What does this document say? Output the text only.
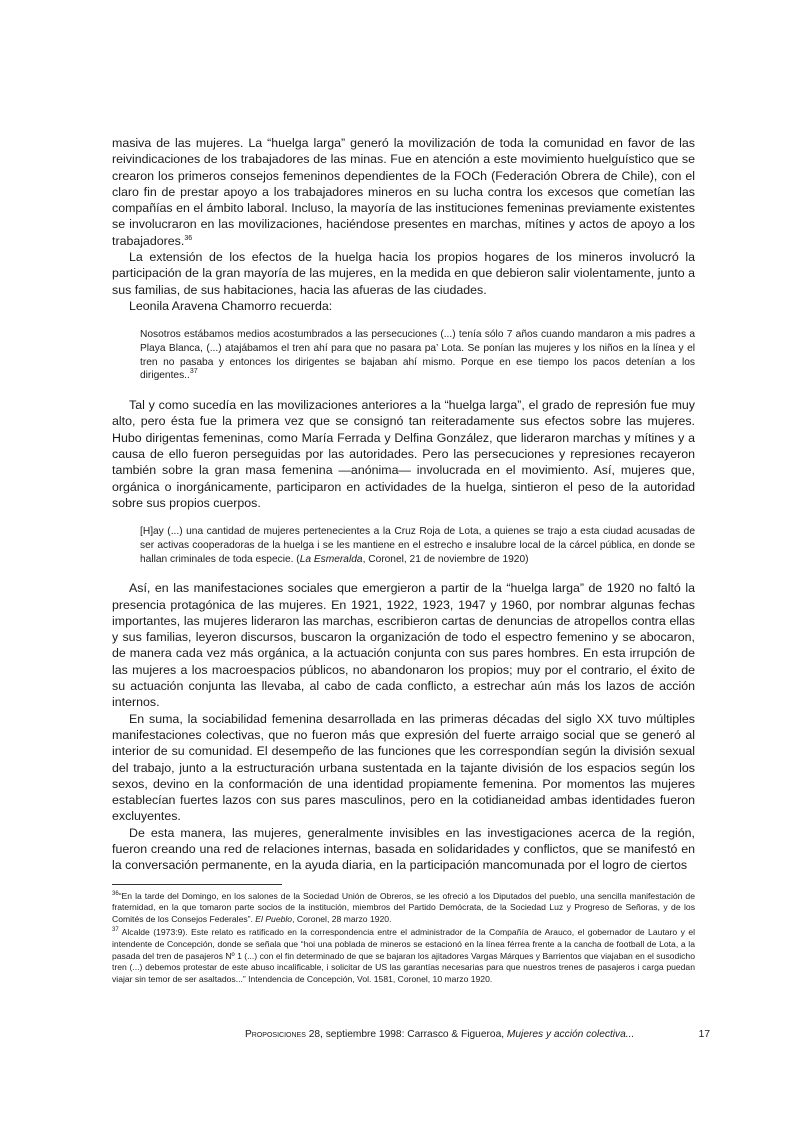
masiva de las mujeres. La “huelga larga” generó la movilización de toda la comunidad en favor de las reivindicaciones de los trabajadores de las minas. Fue en atención a este movimiento huelguístico que se crearon los primeros consejos femeninos dependientes de la FOCh (Federación Obrera de Chile), con el claro fin de prestar apoyo a los trabajadores mineros en su lucha contra los excesos que cometían las compañías en el ámbito laboral. Incluso, la mayoría de las instituciones femeninas previamente existentes se involucraron en las movilizaciones, haciéndose presentes en marchas, mítines y actos de apoyo a los trabajadores.$^{36}$

La extensión de los efectos de la huelga hacia los propios hogares de los mineros involucró la participación de la gran mayoría de las mujeres, en la medida en que debieron salir violentamente, junto a sus familias, de sus habitaciones, hacia las afueras de las ciudades.

Leonila Aravena Chamorro recuerda:

Nosotros estábamos medios acostumbrados a las persecuciones (...) tenía sólo 7 años cuando mandaron a mis padres a Playa Blanca, (...) atajábamos el tren ahí para que no pasara pa’ Lota. Se ponían las mujeres y los niños en la línea y el tren no pasaba y entonces los dirigentes se bajaban ahí mismo. Porque en ese tiempo los pacos detenían a los dirigentes..$^{37}$

Tal y como sucedía en las movilizaciones anteriores a la “huelga larga”, el grado de represión fue muy alto, pero ésta fue la primera vez que se consignó tan reiteradamente sus efectos sobre las mujeres. Hubo dirigentas femeninas, como María Ferrada y Delfina González, que lideraron marchas y mítines y a causa de ello fueron perseguidas por las autoridades. Pero las persecuciones y represiones recayeron también sobre la gran masa femenina —anónima— involucrada en el movimiento. Así, mujeres que, orgánica o inorgánicamente, participaron en actividades de la huelga, sintieron el peso de la autoridad sobre sus propios cuerpos.

[H]ay (...) una cantidad de mujeres pertenecientes a la Cruz Roja de Lota, a quienes se trajo a esta ciudad acusadas de ser activas cooperadoras de la huelga i se les mantiene en el estrecho e insalubre local de la cárcel pública, en donde se hallan criminales de toda especie. (La Esmeralda, Coronel, 21 de noviembre de 1920)

Así, en las manifestaciones sociales que emergieron a partir de la “huelga larga” de 1920 no faltó la presencia protagónica de las mujeres. En 1921, 1922, 1923, 1947 y 1960, por nombrar algunas fechas importantes, las mujeres lideraron las marchas, escribieron cartas de denuncias de atropellos contra ellas y sus familias, leyeron discursos, buscaron la organización de todo el espectro femenino y se abocaron, de manera cada vez más orgánica, a la actuación conjunta con sus pares hombres. En esta irrupción de las mujeres a los macroespacios públicos, no abandonaron los propios; muy por el contrario, el éxito de su actuación conjunta las llevaba, al cabo de cada conflicto, a estrechar aún más los lazos de acción internos.

En suma, la sociabilidad femenina desarrollada en las primeras décadas del siglo XX tuvo múltiples manifestaciones colectivas, que no fueron más que expresión del fuerte arraigo social que se generó al interior de su comunidad. El desempeño de las funciones que les correspondían según la división sexual del trabajo, junto a la estructuración urbana sustentada en la tajante división de los espacios según los sexos, devino en la conformación de una identidad propiamente femenina. Por momentos las mujeres establecían fuertes lazos con sus pares masculinos, pero en la cotidianeidad ambas identidades fueron excluyentes.

De esta manera, las mujeres, generalmente invisibles en las investigaciones acerca de la región, fueron creando una red de relaciones internas, basada en solidaridades y conflictos, que se manifestó en la conversación permanente, en la ayuda diaria, en la participación mancomunada por el logro de ciertos

$^{36}$“En la tarde del Domingo, en los salones de la Sociedad Unión de Obreros, se les ofreció a los Diputados del pueblo, una sencilla manifestación de fraternidad, en la que tomaron parte socios de la institución, miembros del Partido Demócrata, de la Sociedad Luz y Progreso de Señoras, y de los Comités de los Consejos Federales”. El Pueblo, Coronel, 28 marzo 1920.

$^{37}$ Alcalde (1973:9). Este relato es ratificado en la correspondencia entre el administrador de la Compañía de Arauco, el gobernador de Lautaro y el intendente de Concepción, donde se señala que “hoi una poblada de mineros se estacionó en la línea férrea frente a la cancha de football de Lota, a la pasada del tren de pasajeros Nº 1 (...) con el fin determinado de que se bajaran los ajitadores Vargas Márques y Barrientos que viajaban en el susodicho tren (...) debemos protestar de este abuso incalificable, i solicitar de US las garantías necesarias para que nuestros trenes de pasajeros i carga puedan viajar sin temor de ser asaltados...” Intendencia de Concepción, Vol. 1581, Coronel, 10 marzo 1920.

Proposiciones 28, septiembre 1998: Carrasco & Figueroa, Mujeres y acción colectiva...	17
